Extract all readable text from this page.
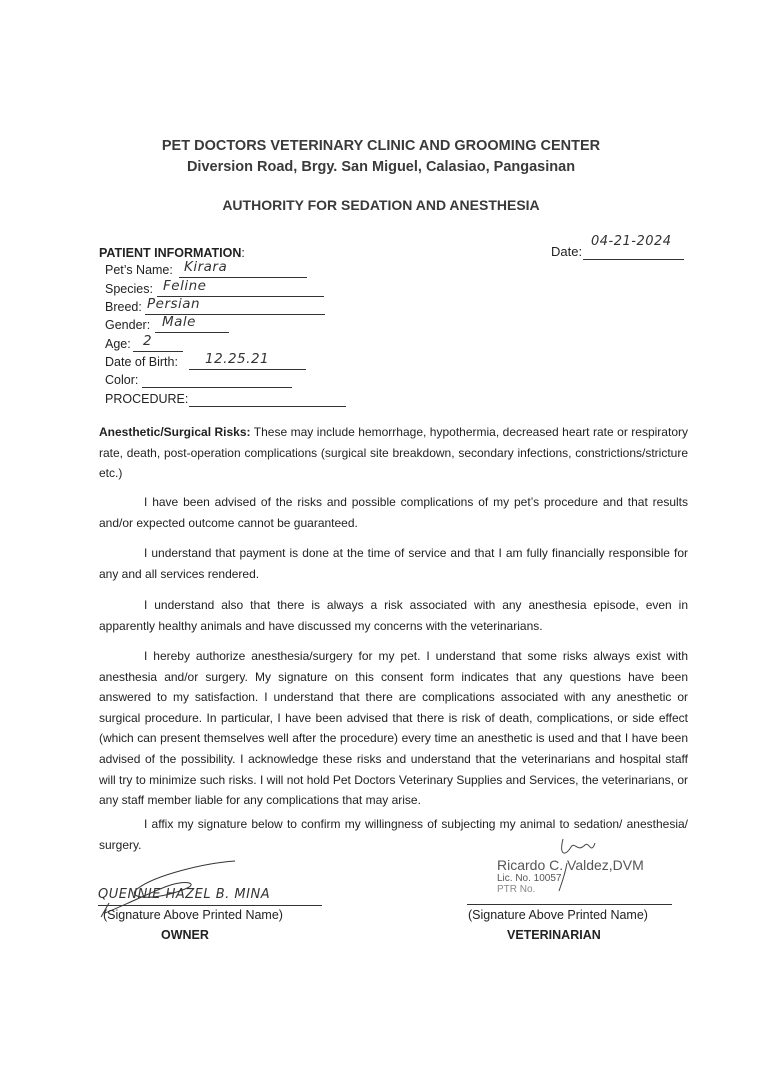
PET DOCTORS VETERINARY CLINIC AND GROOMING CENTER
Diversion Road, Brgy. San Miguel, Calasiao, Pangasinan
AUTHORITY FOR SEDATION AND ANESTHESIA
PATIENT INFORMATION:	Date:
04-21-2024
Pet’s Name: Kirara
Species: Feline
Breed: Persian
Gender: Male
Age: 2
Date of Birth: 12.25.21
Color:
PROCEDURE:
Anesthetic/Surgical Risks: These may include hemorrhage, hypothermia, decreased heart rate or respiratory rate, death, post-operation complications (surgical site breakdown, secondary infections, constrictions/stricture etc.)
I have been advised of the risks and possible complications of my pet’s procedure and that results and/or expected outcome cannot be guaranteed.
I understand that payment is done at the time of service and that I am fully financially responsible for any and all services rendered.
I understand also that there is always a risk associated with any anesthesia episode, even in apparently healthy animals and have discussed my concerns with the veterinarians.
I hereby authorize anesthesia/surgery for my pet. I understand that some risks always exist with anesthesia and/or surgery. My signature on this consent form indicates that any questions have been answered to my satisfaction. I understand that there are complications associated with any anesthetic or surgical procedure. In particular, I have been advised that there is risk of death, complications, or side effect (which can present themselves well after the procedure) every time an anesthetic is used and that I have been advised of the possibility. I acknowledge these risks and understand that the veterinarians and hospital staff will try to minimize such risks. I will not hold Pet Doctors Veterinary Supplies and Services, the veterinarians, or any staff member liable for any complications that may arise.
I affix my signature below to confirm my willingness of subjecting my animal to sedation/ anesthesia/ surgery.
QUENNIE HAZEL B. MINA
(Signature Above Printed Name)
OWNER
Ricardo C. Valdez,DVM
Lic. No. 10057
PTR No.
(Signature Above Printed Name)
VETERINARIAN
